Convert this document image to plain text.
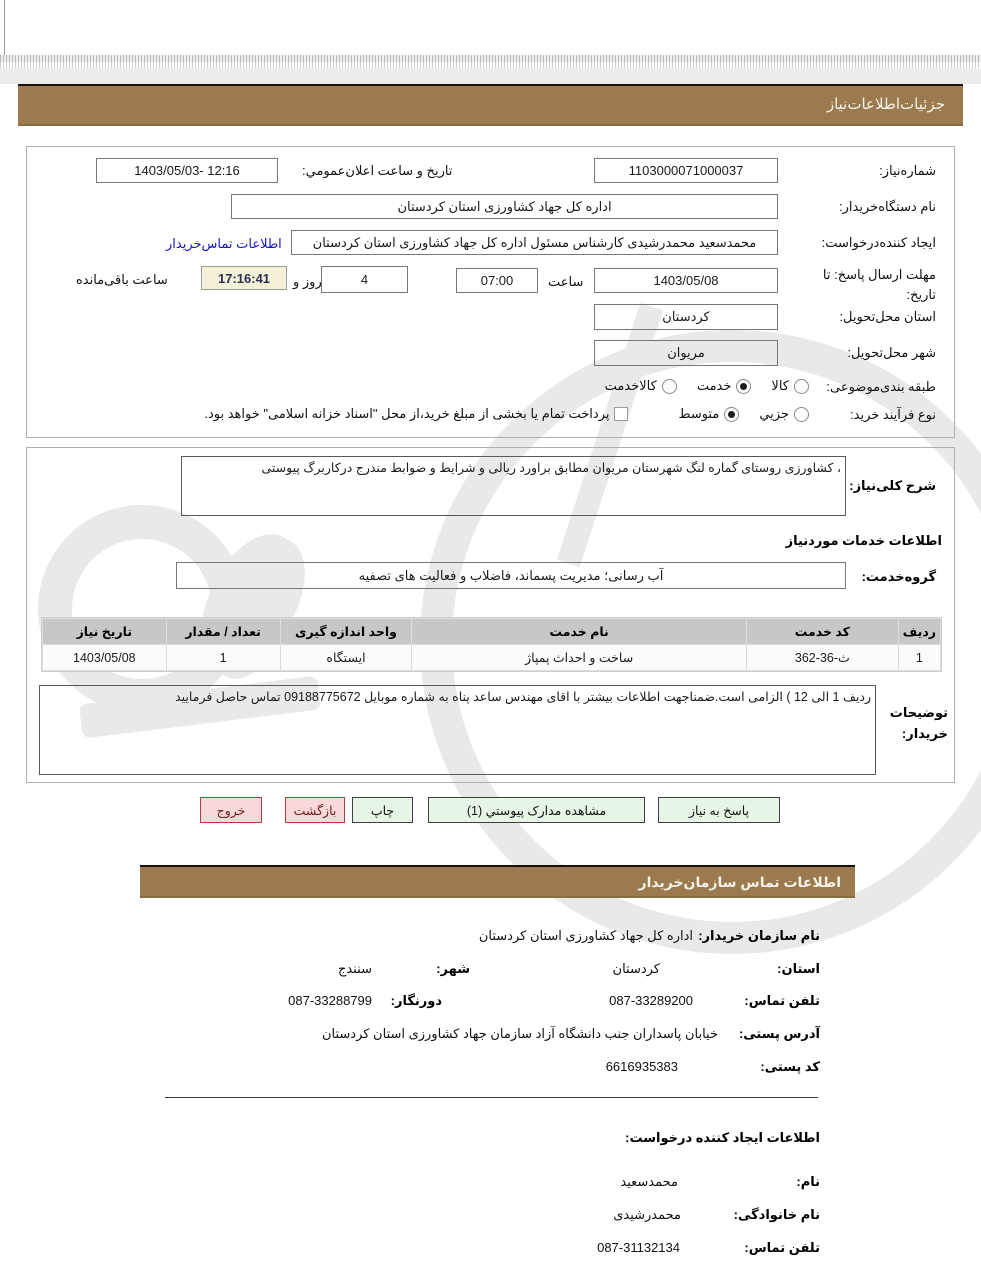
جزئیات‌اطلاعات‌نیاز
شماره‌نیاز:
1103000071000037
تاریخ و ساعت اعلان‌عمومي:
1403/05/03- 12:16
نام دستگاه‌خریدار:
اداره کل جهاد کشاورزی استان کردستان
ایجاد کننده‌درخواست:
محمدسعید محمدرشیدی کارشناس مسئول اداره کل جهاد کشاورزی استان کردستان
اطلاعات تماس‌خریدار
مهلت ارسال پاسخ: تا تاریخ:
1403/05/08
ساعت
07:00
4
روز و
17:16:41
ساعت باقی‌مانده
استان محل‌تحویل:
کردستان
شهر محل‌تحویل:
مریوان
طبقه بندی‌موضوعی:
کالا
خدمت
کالا‌خدمت
نوع فرآیند خرید:
جزیي
متوسط
پرداخت تمام یا بخشی از مبلغ خرید،از محل "اسناد خزانه اسلامی" خواهد بود.
، کشاورزی روستای گماره لنگ شهرستان مریوان مطابق براورد ریالی و شرایط و ضوابط مندرج درکاربرگ پیوستی
شرح کلی‌نیاز:
اطلاعات خدمات مورد‌نیاز
گروه‌خدمت:
آب رسانی؛ مدیریت پسماند، فاضلاب و فعالیت های تصفیه
ردیف	کد خدمت	نام خدمت	واحد اندازه گیری	تعداد / مقدار	تاریخ نیاز
1	ث-36-362	ساخت و احداث پمپاژ	ایستگاه	1	1403/05/08
ردیف 1 الی 12 ) الزامی است.ضمناجهت اطلاعات بیشتر با اقای مهندس ساعد پناه به شماره موبایل 09188775672 تماس حاصل فرمایید
توضیحات خریدار:
پاسخ به نیاز
مشاهده مدارک پیوستي (1)
چاپ
بازگشت
خروج
اطلاعات تماس سازمان‌خریدار
نام سازمان خریدار:
اداره کل جهاد کشاورزی استان کردستان
استان:
کردستان
شهر:
سنندج
تلفن تماس:
087-33289200
دورنگار:
087-33288799
آدرس پستی:
خیابان پاسداران جنب دانشگاه آزاد سازمان جهاد کشاورزی استان کردستان
کد پستی:
6616935383
اطلاعات ایجاد کننده درخواست:
نام:
محمدسعید
نام خانوادگی:
محمدرشیدی
تلفن تماس:
087-31132134
